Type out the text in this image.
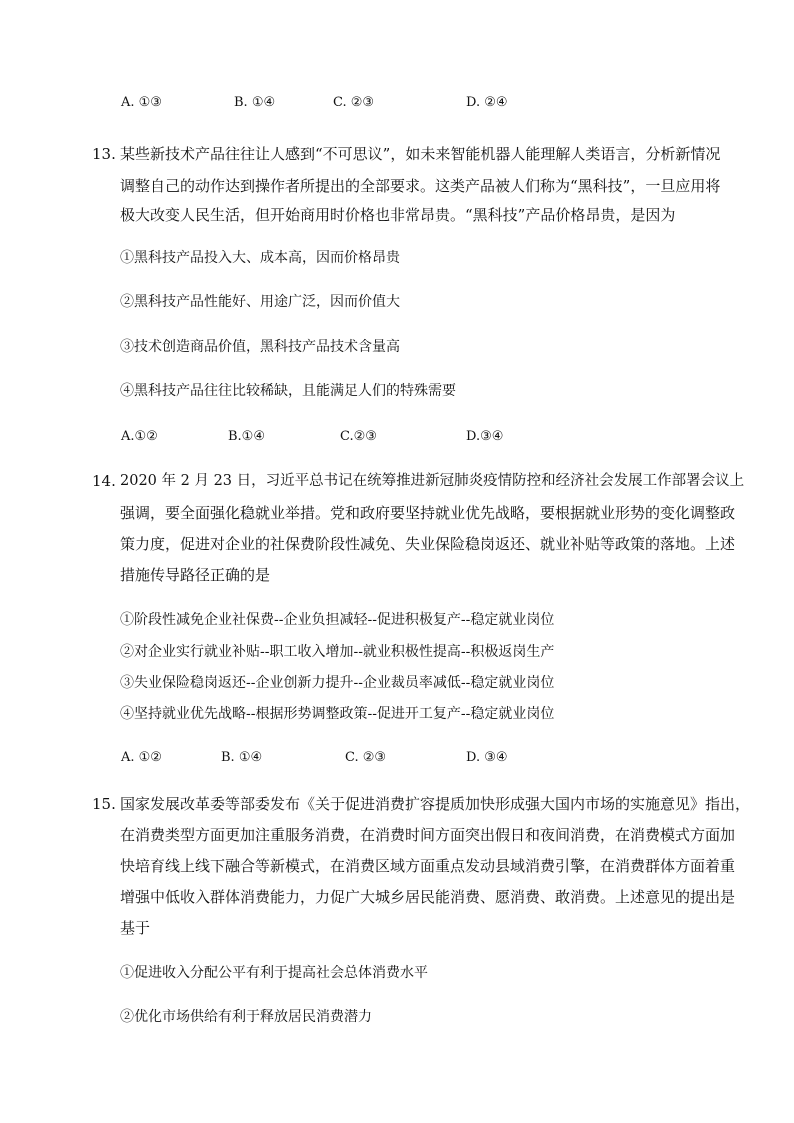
A. ①③	B. ①④	C. ②③	D. ②④
13. 某些新技术产品往往让人感到“不可思议”，如未来智能机器人能理解人类语言，分析新情况
调整自己的动作达到操作者所提出的全部要求。这类产品被人们称为“黑科技”，一旦应用将
极大改变人民生活，但开始商用时价格也非常昂贵。“黑科技”产品价格昂贵，是因为
①黑科技产品投入大、成本高，因而价格昂贵
②黑科技产品性能好、用途广泛，因而价值大
③技术创造商品价值，黑科技产品技术含量高
④黑科技产品往往比较稀缺，且能满足人们的特殊需要
A.①②	B.①④	C.②③	D.③④
14. 2020 年 2 月 23 日，习近平总书记在统筹推进新冠肺炎疫情防控和经济社会发展工作部署会议上
强调，要全面强化稳就业举措。党和政府要坚持就业优先战略，要根据就业形势的变化调整政
策力度，促进对企业的社保费阶段性减免、失业保险稳岗返还、就业补贴等政策的落地。上述
措施传导路径正确的是
①阶段性减免企业社保费--企业负担减轻--促进积极复产--稳定就业岗位
②对企业实行就业补贴--职工收入增加--就业积极性提高--积极返岗生产
③失业保险稳岗返还--企业创新力提升--企业裁员率减低--稳定就业岗位
④坚持就业优先战略--根据形势调整政策--促进开工复产--稳定就业岗位
A. ①②	B. ①④	C. ②③	D. ③④
15. 国家发展改革委等部委发布《关于促进消费扩容提质加快形成强大国内市场的实施意见》指出，
在消费类型方面更加注重服务消费，在消费时间方面突出假日和夜间消费，在消费模式方面加
快培育线上线下融合等新模式，在消费区域方面重点发动县域消费引擎，在消费群体方面着重
增强中低收入群体消费能力，力促广大城乡居民能消费、愿消费、敢消费。上述意见的提出是
基于
①促进收入分配公平有利于提高社会总体消费水平
②优化市场供给有利于释放居民消费潜力
